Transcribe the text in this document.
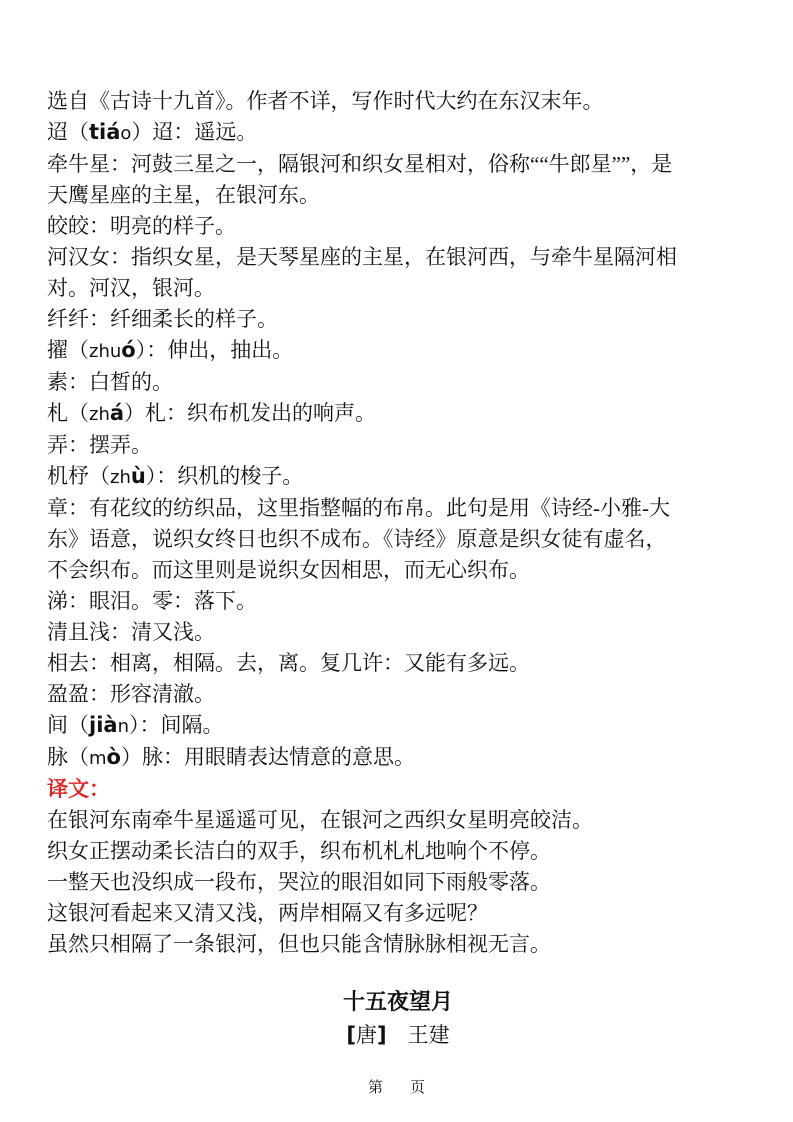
选自《古诗十九首》。作者不详，写作时代大约在东汉末年。

迢（tiáo）迢：遥远。

牵牛星：河鼓三星之一，隔银河和织女星相对，俗称““牛郎星””，是

天鹰星座的主星，在银河东。

皎皎：明亮的样子。

河汉女：指织女星，是天琴星座的主星，在银河西，与牵牛星隔河相

对。河汉，银河。

纤纤：纤细柔长的样子。

擢（zhuó）：伸出，抽出。

素：白皙的。

札（zhá）札：织布机发出的响声。

弄：摆弄。

机杼（zhù）：织机的梭子。

章：有花纹的纺织品，这里指整幅的布帛。此句是用《诗经-小雅-大

东》语意，说织女终日也织不成布。《诗经》原意是织女徒有虚名，

不会织布。而这里则是说织女因相思，而无心织布。

涕：眼泪。零：落下。

清且浅：清又浅。

相去：相离，相隔。去，离。复几许：又能有多远。

盈盈：形容清澈。

间（jiàn）：间隔。

脉（mò）脉：用眼睛表达情意的意思。

译文：

在银河东南牵牛星遥遥可见，在银河之西织女星明亮皎洁。

织女正摆动柔长洁白的双手，织布机札札地响个不停。

一整天也没织成一段布，哭泣的眼泪如同下雨般零落。

这银河看起来又清又浅，两岸相隔又有多远呢？

虽然只相隔了一条银河，但也只能含情脉脉相视无言。

十五夜望月

[唐]　王建

第 页
